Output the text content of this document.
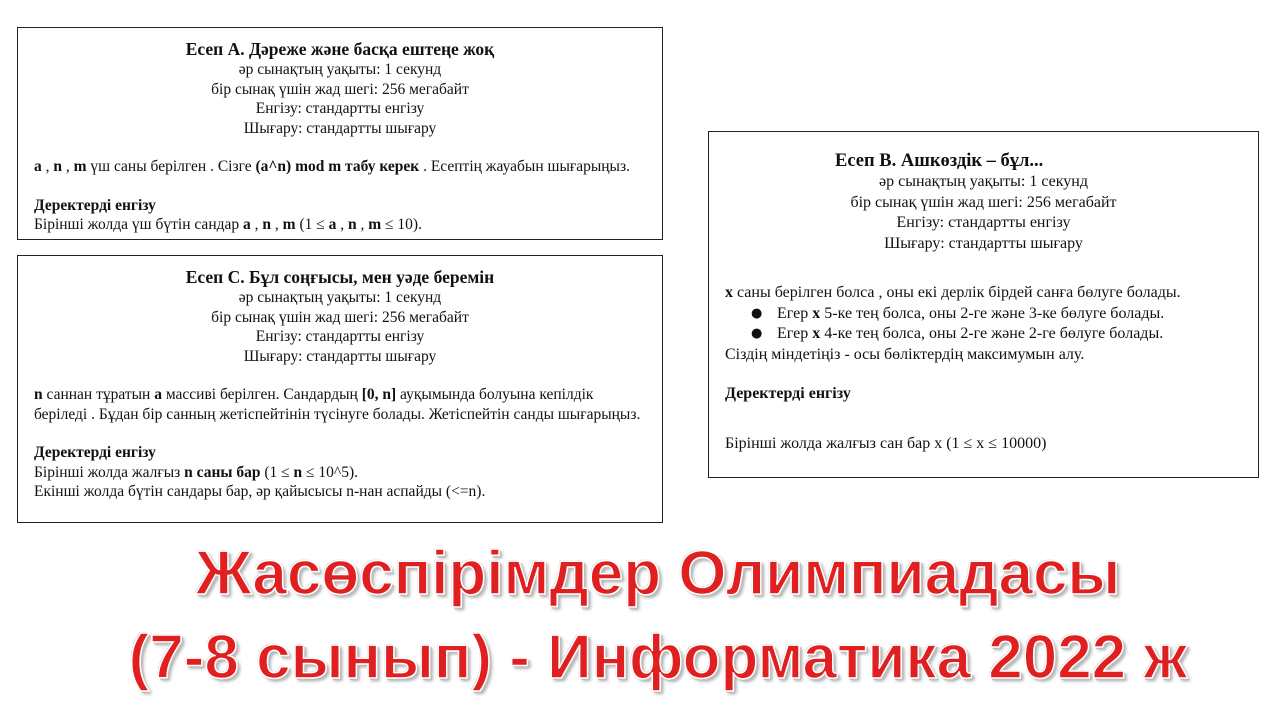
Есеп A. Дәреже және басқа ештеңе жоқ

әр сынақтың уақыты: 1 секунд

бір сынақ үшін жад шегі: 256 мегабайт

Енгізу: стандартты енгізу

Шығару: стандартты шығару

a , n , m үш саны берілген . Сізге (a^n) mod m табу керек . Есептің жауабын шығарыңыз.

Деректерді енгізу

Бірінші жолда үш бүтін сандар a , n , m (1 ≤ a , n , m ≤ 10).

Есеп C. Бұл соңғысы, мен уәде беремін

әр сынақтың уақыты: 1 секунд

бір сынақ үшін жад шегі: 256 мегабайт

Енгізу: стандартты енгізу

Шығару: стандартты шығару

n саннан тұратын a массиві берілген. Сандардың [0, n] ауқымында болуына кепілдік беріледі . Бұдан бір санның жетіспейтінін түсінуге болады. Жетіспейтін санды шығарыңыз.

Деректерді енгізу

Бірінші жолда жалғыз n саны бар (1 ≤ n ≤ 10^5).

Екінші жолда бүтін сандары бар, әр қайысысы n-нан аспайды (<=n).

Есеп B. Ашкөздік – бұл...

әр сынақтың уақыты: 1 секунд

бір сынақ үшін жад шегі: 256 мегабайт

Енгізу: стандартты енгізу

Шығару: стандартты шығару

x саны берілген болса , оны екі дерлік бірдей санға бөлуге болады.

● Егер x 5-ке тең болса, оны 2-ге және 3-ке бөлуге болады.
● Егер x 4-ке тең болса, оны 2-ге және 2-ге бөлуге болады.

Сіздің міндетіңіз - осы бөліктердің максимумын алу.

Деректерді енгізу

Бірінші жолда жалғыз сан бар x (1 ≤ x ≤ 10000)

Жасөспірімдер Олимпиадасы
(7-8 сынып) - Информатика 2022 ж
